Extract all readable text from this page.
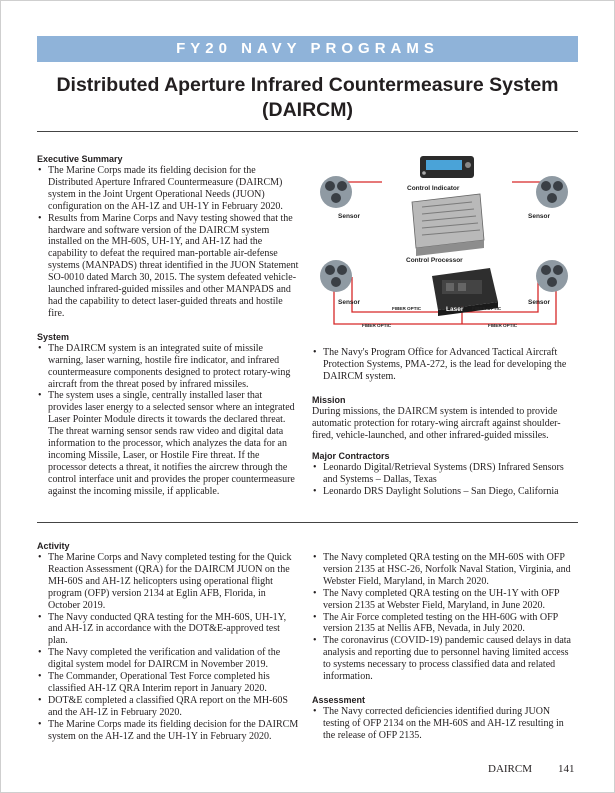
FY20 NAVY PROGRAMS
Distributed Aperture Infrared Countermeasure System
(DAIRCM)

Executive Summary

• The Marine Corps made its fielding decision for the Distributed Aperture Infrared Countermeasure (DAIRCM) system in the Joint Urgent Operational Needs (JUON) configuration on the AH-1Z and UH-1Y in February 2020.
• Results from Marine Corps and Navy testing showed that the hardware and software version of the DAIRCM system installed on the MH-60S, UH-1Y, and AH-1Z had the capability to defeat the required man-portable air-defense systems (MANPADS) threat identified in the JUON Statement SO-0010 dated March 30, 2015. The system defeated vehicle-launched infrared-guided missiles and other MANPADS and had the capability to detect laser-guided threats and hostile fire.

System

• The DAIRCM system is an integrated suite of missile warning, laser warning, hostile fire indicator, and infrared countermeasure components designed to protect rotary-wing aircraft from the threat posed by infrared missiles.
• The system uses a single, centrally installed laser that provides laser energy to a selected sensor where an integrated Laser Pointer Module directs it towards the declared threat. The threat warning sensor sends raw video and digital data information to the processor, which analyzes the data for an incoming Missile, Laser, or Hostile Fire threat. If the processor detects a threat, it notifies the aircrew through the control interface unit and provides the proper countermeasure against the incoming missile, if applicable.
Control Indicator
Control Processor
Laser
Sensor	Sensor
Sensor	Sensor
FIBER OPTIC	FIBER OPTIC
FIBER OPTIC	FIBER OPTIC
• The Navy's Program Office for Advanced Tactical Aircraft Protection Systems, PMA-272, is the lead for developing the DAIRCM system.

Mission

During missions, the DAIRCM system is intended to provide automatic protection for rotary-wing aircraft against shoulder-fired, vehicle-launched, and other infrared-guided missiles.

Major Contractors

• Leonardo Digital/Retrieval Systems (DRS) Infrared Sensors and Systems – Dallas, Texas
• Leonardo DRS Daylight Solutions – San Diego, California

Activity

• The Marine Corps and Navy completed testing for the Quick Reaction Assessment (QRA) for the DAIRCM JUON on the MH-60S and AH-1Z helicopters using operational flight program (OFP) version 2134 at Eglin AFB, Florida, in October 2019.
• The Navy conducted QRA testing for the MH-60S, UH-1Y, and AH-1Z in accordance with the DOT&E-approved test plan.
• The Navy completed the verification and validation of the digital system model for DAIRCM in November 2019.
• The Commander, Operational Test Force completed his classified AH-1Z QRA Interim report in January 2020.
• DOT&E completed a classified QRA report on the MH-60S and the AH-1Z in February 2020.
• The Marine Corps made its fielding decision for the DAIRCM system on the AH-1Z and the UH-1Y in February 2020.
• The Navy completed QRA testing on the MH-60S with OFP version 2135 at HSC-26, Norfolk Naval Station, Virginia, and Webster Field, Maryland, in March 2020.
• The Navy completed QRA testing on the UH-1Y with OFP version 2135 at Webster Field, Maryland, in June 2020.
• The Air Force completed testing on the HH-60G with OFP version 2135 at Nellis AFB, Nevada, in July 2020.
• The coronavirus (COVID-19) pandemic caused delays in data analysis and reporting due to personnel having limited access to systems necessary to process classified data and related information.

Assessment

• The Navy corrected deficiencies identified during JUON testing of OFP 2134 on the MH-60S and AH-1Z resulting in the release of OFP 2135.
DAIRCM 141
